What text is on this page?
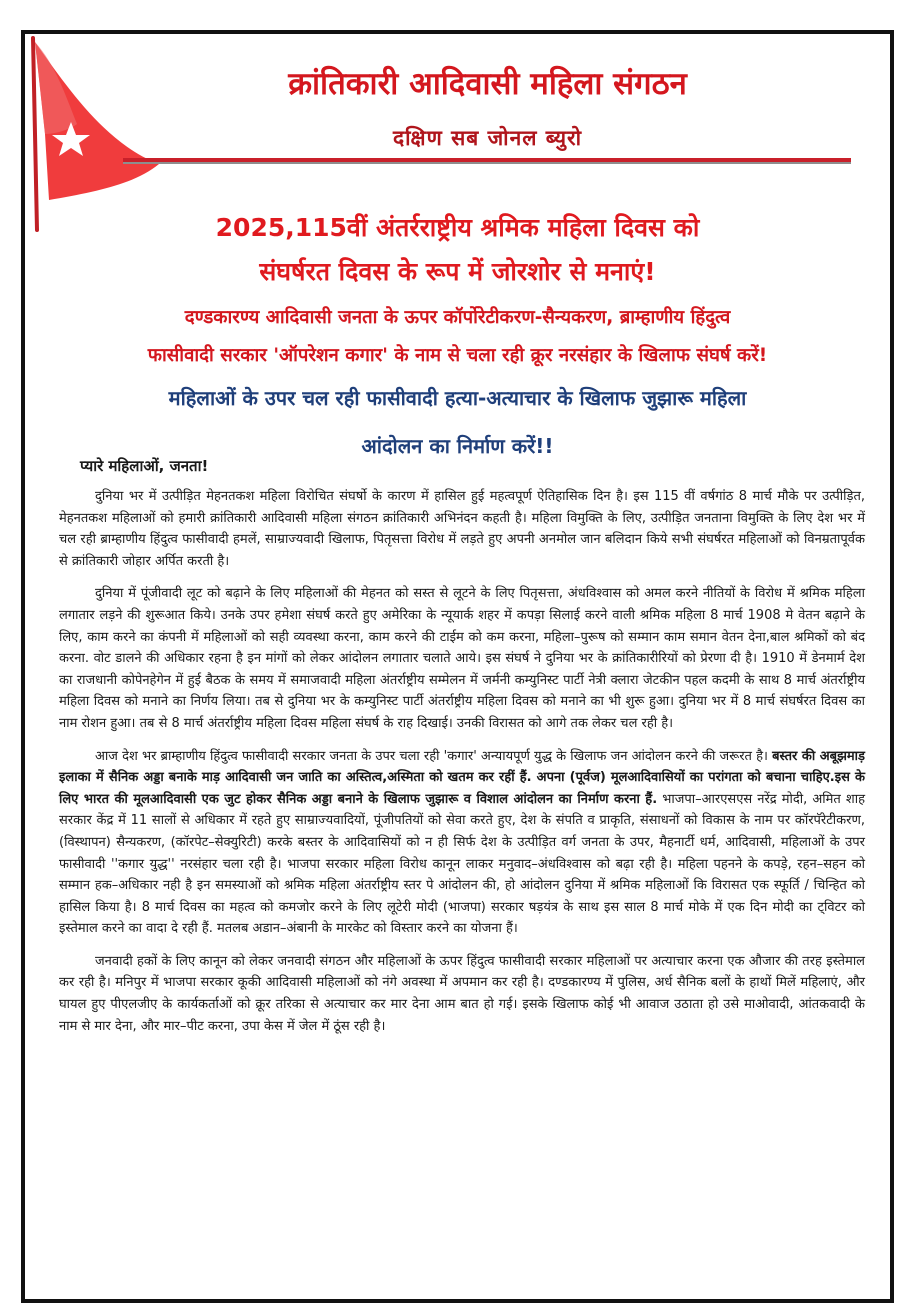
क्रांतिकारी आदिवासी महिला संगठन
दक्षिण सब जोनल ब्युरो
2025,115वीं अंतर्रराष्ट्रीय श्रमिक महिला दिवस को
संघर्षरत दिवस के रूप में जोरशोर से मनाएं!
दण्डकारण्य आदिवासी जनता के ऊपर कॉर्पोरेटीकरण-सैन्यकरण, ब्राम्हाणीय हिंदुत्व
फासीवादी सरकार 'ऑपरेशन कगार' के नाम से चला रही क्रूर नरसंहार के खिलाफ संघर्ष करें!
महिलाओं के उपर चल रही फासीवादी हत्या-अत्याचार के खिलाफ जुझारू महिला
आंदोलन का निर्माण करें!!
प्यारे महिलाओं, जनता!

दुनिया भर में उत्पीड़ित मेहनतकश महिला विरोचित संघर्षो के कारण में हासिल हुई महत्वपूर्ण ऐतिहासिक दिन है। इस 115 वीं वर्षगांठ 8 मार्च मौके पर उत्पीड़ित, मेहनतकश महिलाओं को हमारी क्रांतिकारी आदिवासी महिला संगठन क्रांतिकारी अभिनंदन कहती है। महिला विमुक्ति के लिए, उत्पीड़ित जनताना विमुक्ति के लिए देश भर में चल रही ब्राम्हाणीय हिंदुत्व फासीवादी हमलें, साम्राज्यवादी खिलाफ, पितृसत्ता विरोध में लड़ते हुए अपनी अनमोल जान बलिदान किये सभी संघर्षरत महिलाओं को विनम्रतापूर्वक से क्रांतिकारी जोहार अर्पित करती है।

दुनिया में पूंजीवादी लूट को बढ़ाने के लिए महिलाओं की मेहनत को सस्त से लूटने के लिए पितृसत्ता, अंधविश्वास को अमल करने नीतियों के विरोध में श्रमिक महिला लगातार लड़ने की शुरूआत किये। उनके उपर हमेशा संघर्ष करते हुए अमेरिका के न्यूयार्क शहर में कपड़ा सिलाई करने वाली श्रमिक महिला 8 मार्च 1908 मे वेतन बढ़ाने के लिए, काम करने का कंपनी में महिलाओं को सही व्यवस्था करना, काम करने की टाईम को कम करना, महिला–पुरूष को सम्मान काम समान वेतन देना,बाल श्रमिकों को बंद करना. वोट डालने की अधिकार रहना है इन मांगों को लेकर आंदोलन लगातार चलाते आये। इस संघर्ष ने दुनिया भर के क्रांतिकारीरियों को प्रेरणा दी है। 1910 में डेनमार्म देश का राजधानी कोपेनहेगेन में हुई बैठक के समय में समाजवादी महिला अंतर्राष्ट्रीय सम्मेलन में जर्मनी कम्युनिस्ट पार्टी नेत्री क्लारा जेटकीन पहल कदमी के साथ 8 मार्च अंतर्राष्ट्रीय महिला दिवस को मनाने का निर्णय लिया। तब से दुनिया भर के कम्युनिस्ट पार्टी अंतर्राष्ट्रीय महिला दिवस को मनाने का भी शुरू हुआ। दुनिया भर में 8 मार्च संघर्षरत दिवस का नाम रोशन हुआ। तब से 8 मार्च अंतर्राष्ट्रीय महिला दिवस महिला संघर्ष के राह दिखाई। उनकी विरासत को आगे तक लेकर चल रही है।

आज देश भर ब्राम्हाणीय हिंदुत्व फासीवादी सरकार जनता के उपर चला रही 'कगार' अन्यायपूर्ण युद्ध के खिलाफ जन आंदोलन करने की जरूरत है। बस्तर की अबूझमाड़ इलाका में सैनिक अड्डा बनाके माड़ आदिवासी जन जाति का अस्तित्व,अस्मिता को खतम कर रहीं हैं. अपना (पूर्वज) मूलआदिवासियों का परांगता को बचाना चाहिए.इस के लिए भारत की मूलआदिवासी एक जुट होकर सैनिक अड्डा बनाने के खिलाफ जुझारू व विशाल आंदोलन का निर्माण करना हैं. भाजपा–आरएसएस नरेंद्र मोदी, अमित शाह सरकार केंद्र में 11 सालों से अधिकार में रहते हुए साम्राज्यवादियों, पूंजीपतियों को सेवा करते हुए, देश के संपति व प्राकृति, संसाधनों को विकास के नाम पर कॉरपॅरेटीकरण, (विस्थापन) सैन्यकरण, (कॉरपेट–सेक्युरिटी) करके बस्तर के आदिवासियों को न ही सिर्फ देश के उत्पीड़ित वर्ग जनता के उपर, मैहनार्टी धर्म, आदिवासी, महिलाओं के उपर फासीवादी ''कगार युद्ध'' नरसंहार चला रही है। भाजपा सरकार महिला विरोध कानून लाकर मनुवाद–अंधविश्वास को बढ़ा रही है। महिला पहनने के कपड़े, रहन–सहन को सम्मान हक–अधिकार नही है इन समस्याओं को श्रमिक महिला अंतर्राष्ट्रीय स्तर पे आंदोलन की, हो आंदोलन दुनिया में श्रमिक महिलाओं कि विरासत एक स्फूर्ति / चिन्हित को हासिल किया है। 8 मार्च दिवस का महत्व को कमजोर करने के लिए लूटेरी मोदी (भाजपा) सरकार षड़यंत्र के साथ इस साल 8 मार्च मोके में एक दिन मोदी का ट्विटर को इस्तेमाल करने का वादा दे रही हैं. मतलब अडान–अंबानी के मारकेट को विस्तार करने का योजना हैं।

जनवादी हकों के लिए कानून को लेकर जनवादी संगठन और महिलाओं के ऊपर हिंदुत्व फासीवादी सरकार महिलाओं पर अत्याचार करना एक औजार की तरह इस्तेमाल कर रही है। मनिपुर में भाजपा सरकार कूकी आदिवासी महिलाओं को नंगे अवस्था में अपमान कर रही है। दण्डकारण्य में पुलिस, अर्ध सैनिक बलों के हाथों मिलें महिलाएं, और घायल हुए पीएलजीए के कार्यकर्ताओं को क्रूर तरिका से अत्याचार कर मार देना आम बात हो गई। इसके खिलाफ कोई भी आवाज उठाता हो उसे माओवादी, आंतकवादी के नाम से मार देना, और मार–पीट करना, उपा केस में जेल में ठूंस रही है।
